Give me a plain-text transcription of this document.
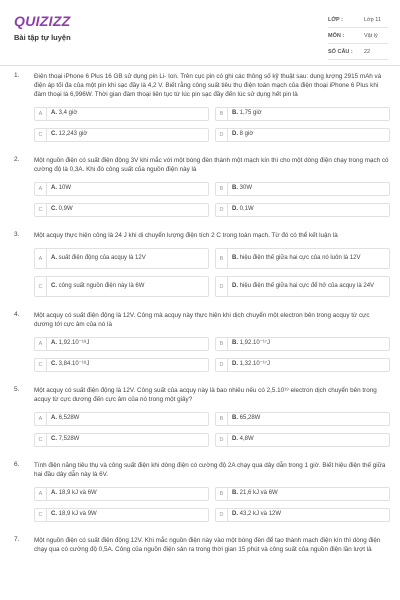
QUIZIZZ
Bài tập tự luyện
LỚP :	Lớp 11
MÔN :	Vật lý
SỐ CÂU : 22
1. Điện thoại iPhone 6 Plus 16 GB sử dụng pin Li- Ion. Trên cục pin có ghi các thông số kỹ thuật sau: dung lượng 2915 mAh và điện áp tối đa của một pin khi sạc đầy là 4,2 V. Biết rằng công suất tiêu thụ điện toàn mạch của điện thoại iPhone 6 Plus khi đàm thoại là 6,996W. Thời gian đàm thoại liên tục từ lúc pin sạc đầy đến lúc sử dụng hết pin là
A	A. 3,4 giờ	B	B. 1,75 giờ
C	C. 12,243 giờ	D	D. 8 giờ
2. Một nguồn điện có suất điện động 3V khi mắc với một bóng đèn thành một mạch kín thì cho một dòng điện chạy trong mạch có cường độ là 0,3A. Khi đó công suất của nguồn điện này là
A	A. 10W	B	B. 30W
C	C. 0,9W	D	D. 0,1W
3. Một acquy thực hiện công là 24 J khi di chuyển lượng điện tích 2 C trong toàn mạch. Từ đó có thể kết luận là
A	A. suất điện động của acquy là 12V	B	B. hiệu điện thế giữa hai cực của nó luôn là 12V
C	C. công suất nguồn điện này là 6W	D	D. hiệu điện thế giữa hai cực để hở của acquy là 24V
4. Một acquy có suất điện động là 12V. Công mà acquy này thực hiện khi dịch chuyển một electron bên trong acquy từ cực dương tới cực âm của nó là
A	A. 1,92.10⁻¹⁸J	B	B. 1,92.10⁻¹⁷J
C	C. 3,84.10⁻¹⁸J	D	D. 1,32.10⁻¹⁷J
5. Một acquy có suất điện động là 12V. Công suất của acquy này là bao nhiêu nếu có 2,5.10¹⁹ electron dịch chuyển bên trong acquy từ cực dương đến cực âm của nó trong một giây?
A	A. 6,528W	B	B. 65,28W
C	C. 7,528W	D	D. 4,8W
6. Tính điện năng tiêu thụ và công suất điện khi dòng điện có cường độ 2A chạy qua dây dẫn trong 1 giờ. Biết hiệu điện thế giữa hai đầu dây dẫn này là 6V.
A	A. 18,9 kJ và 6W	B	B. 21,6 kJ và 6W
C	C. 18,9 kJ và 9W	D	D. 43,2 kJ và 12W
7. Một nguồn điện có suất điện động 12V. Khi mắc nguồn điện này vào một bóng đèn để tạo thành mạch điện kín thì dòng điện chạy qua có cường độ 0,5A. Công của nguồn điện sản ra trong thời gian 15 phút và công suất của nguồn điện lần lượt là
